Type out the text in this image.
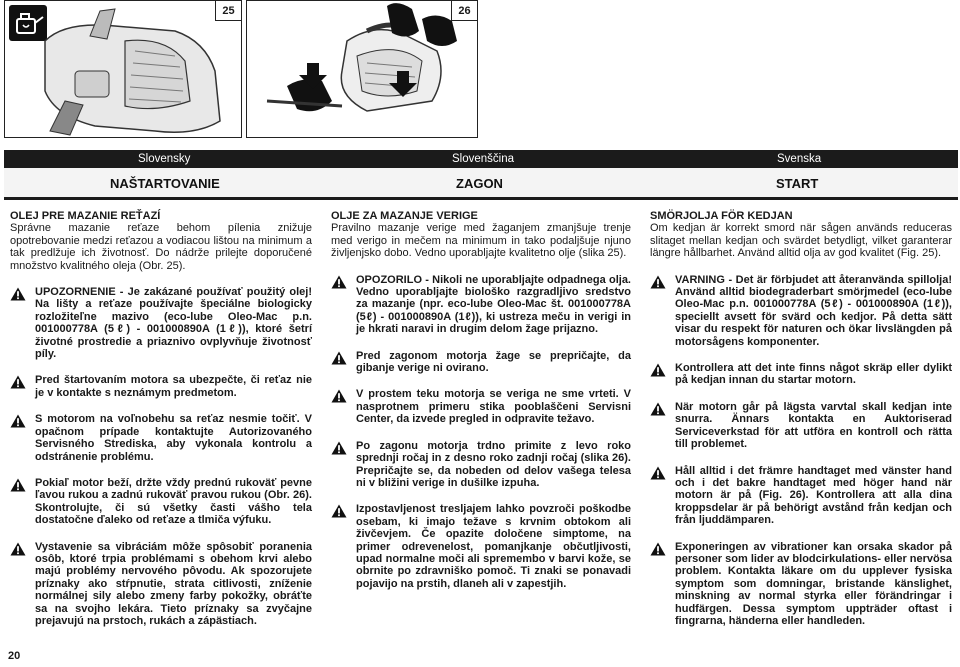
25	26
Slovensky	Slovenščina	Svenska
NAŠTARTOVANIE	ZAGON	START
OLEJ PRE MAZANIE REŤAZÍ

Správne mazanie reťaze behom pílenia znižuje opotrebovanie medzi reťazou a vodiacou lištou na minimum a tak predlžuje ich životnosť. Do nádrže prilejte doporučené množstvo kvalitného oleja (Obr. 25).

UPOZORNENIE - Je zakázané používať použitý olej! Na lišty a reťaze používajte špeciálne biologicky rozložiteľne mazivo (eco-lube Oleo-Mac p.n. 001000778A (5ℓ) - 001000890A (1ℓ)), ktoré šetrí životné prostredie a priaznivo ovplyvňuje životnosť píly.
Pred štartovaním motora sa ubezpečte, či reťaz nie je v kontakte s neznámym predmetom.
S motorom na voľnobehu sa reťaz nesmie točiť. V opačnom prípade kontaktujte Autorizovaného Servisného Strediska, aby vykonala kontrolu a odstránenie problému.
Pokiaľ motor beží, držte vždy prednú rukoväť pevne ľavou rukou a zadnú rukoväť pravou rukou (Obr. 26). Skontrolujte, či sú všetky časti vášho tela dostatočne ďaleko od reťaze a tlmiča výfuku.
Vystavenie sa vibráciám môže spôsobiť poranenia osôb, ktoré trpia problémami s obehom krvi alebo majú problémy nervového pôvodu. Ak spozorujete príznaky ako stŕpnutie, strata citlivosti, zníženie normálnej sily alebo zmeny farby pokožky, obráťte sa na svojho lekára. Tieto príznaky sa zvyčajne prejavujú na prstoch, rukách a zápästiach.
OLJE ZA MAZANJE VERIGE

Pravilno mazanje verige med žaganjem zmanjšuje trenje med verigo in mečem na minimum in tako podaljšuje njuno življenjsko dobo. Vedno uporabljajte kvalitetno olje (slika 25).

OPOZORILO - Nikoli ne uporabljajte odpadnega olja. Vedno uporabljajte biološko razgradljivo sredstvo za mazanje (npr. eco-lube Oleo-Mac št. 001000778A (5ℓ) - 001000890A (1ℓ)), ki ustreza meču in verigi in je hkrati naravi in drugim delom žage prijazno.
Pred zagonom motorja žage se prepričajte, da gibanje verige ni ovirano.
V prostem teku motorja se veriga ne sme vrteti. V nasprotnem primeru stika pooblaščeni Servisni Center, da izvede pregled in odpravite težavo.
Po zagonu motorja trdno primite z levo roko sprednji ročaj in z desno roko zadnji ročaj (slika 26). Prepričajte se, da nobeden od delov vašega telesa ni v bližini verige in dušilke izpuha.
Izpostavljenost tresljajem lahko povzroči poškodbe osebam, ki imajo težave s krvnim obtokom ali živčevjem. Če opazite določene simptome, na primer odrevenelost, pomanjkanje občutljivosti, upad normalne moči ali spremembo v barvi kože, se obrnite po zdravniško pomoč. Ti znaki se ponavadi pojavijo na prstih, dlaneh ali v zapestjih.
SMÖRJOLJA FÖR KEDJAN

Om kedjan är korrekt smord när sågen används reduceras slitaget mellan kedjan och svärdet betydligt, vilket garanterar längre hållbarhet. Använd alltid olja av god kvalitet (Fig. 25).

VARNING - Det är förbjudet att återanvända spillolja! Använd alltid biodegraderbart smörjmedel (eco-lube Oleo-Mac p.n. 001000778A (5ℓ) - 001000890A (1ℓ)), speciellt avsett för svärd och kedjor. På detta sätt visar du respekt för naturen och ökar livslängden på motorsågens komponenter.
Kontrollera att det inte finns något skräp eller dylikt på kedjan innan du startar motorn.
När motorn går på lägsta varvtal skall kedjan inte snurra. Ännars kontakta en Auktoriserad Serviceverkstad för att utföra en kontroll och rätta till problemet.
Håll alltid i det främre handtaget med vänster hand och i det bakre handtaget med höger hand när motorn är på (Fig. 26). Kontrollera att alla dina kroppsdelar är på behörigt avstånd från kedjan och från ljuddämparen.
Exponeringen av vibrationer kan orsaka skador på personer som lider av blodcirkulations- eller nervösa problem. Kontakta läkare om du upplever fysiska symptom som domningar, bristande känslighet, minskning av normal styrka eller förändringar i hudfärgen. Dessa symptom uppträder oftast i fingrarna, händerna eller handleden.
20
